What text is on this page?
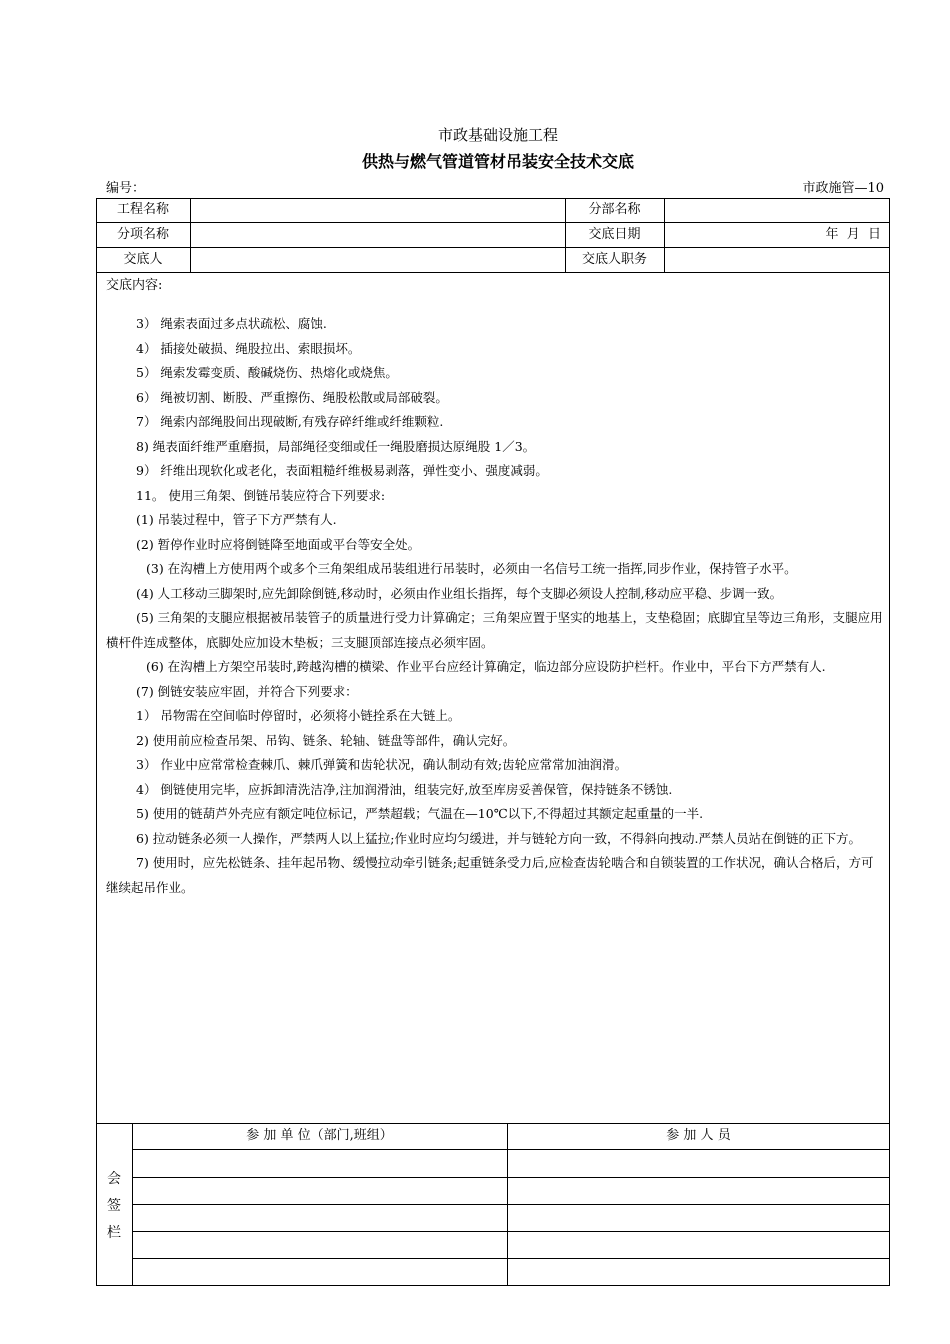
市政基础设施工程
供热与燃气管道管材吊装安全技术交底
编号：	市政施管—10
工程名称	分部名称
分项名称	交底日期	年  月  日
交底人	交底人职务
交底内容:

3） 绳索表面过多点状疏松、腐蚀.

4） 插接处破损、绳股拉出、索眼损坏。

5） 绳索发霉变质、酸碱烧伤、热熔化或烧焦。

6） 绳被切割、断股、严重擦伤、绳股松散或局部破裂。

7） 绳索内部绳股间出现破断,有残存碎纤维或纤维颗粒.

8) 绳表面纤维严重磨损，局部绳径变细或任一绳股磨损达原绳股 1／3。

9） 纤维出现软化或老化，表面粗糙纤维极易剥落，弹性变小、强度减弱。

11。 使用三角架、倒链吊装应符合下列要求:

(1) 吊装过程中，管子下方严禁有人.

(2) 暂停作业时应将倒链降至地面或平台等安全处。

(3) 在沟槽上方使用两个或多个三角架组成吊装组进行吊装时，必须由一名信号工统一指挥,同步作业，保持管子水平。

(4) 人工移动三脚架时,应先卸除倒链,移动时，必须由作业组长指挥，每个支脚必须设人控制,移动应平稳、步调一致。

(5) 三角架的支腿应根据被吊装管子的质量进行受力计算确定；三角架应置于坚实的地基上，支垫稳固；底脚宜呈等边三角形，支腿应用横杆件连成整体，底脚处应加设木垫板；三支腿顶部连接点必须牢固。

(6) 在沟槽上方架空吊装时,跨越沟槽的横梁、作业平台应经计算确定，临边部分应设防护栏杆。作业中，平台下方严禁有人.

(7) 倒链安装应牢固，并符合下列要求：

1） 吊物需在空间临时停留时，必须将小链拴系在大链上。

2) 使用前应检查吊架、吊钩、链条、轮轴、链盘等部件，确认完好。

3） 作业中应常常检查棘爪、棘爪弹簧和齿轮状况，确认制动有效;齿轮应常常加油润滑。

4） 倒链使用完毕，应拆卸清洗洁净,注加润滑油，组装完好,放至库房妥善保管，保持链条不锈蚀.

5) 使用的链葫芦外壳应有额定吨位标记，严禁超载；气温在—10℃以下,不得超过其额定起重量的一半.

6) 拉动链条必须一人操作，严禁两人以上猛拉;作业时应均匀缓进，并与链轮方向一致，不得斜向拽动.严禁人员站在倒链的正下方。

7) 使用时，应先松链条、挂年起吊物、缓慢拉动牵引链条;起重链条受力后,应检查齿轮啮合和自锁装置的工作状况，确认合格后，方可继续起吊作业。

会
签
栏
参 加 单 位（部门,班组）	参 加 人 员
